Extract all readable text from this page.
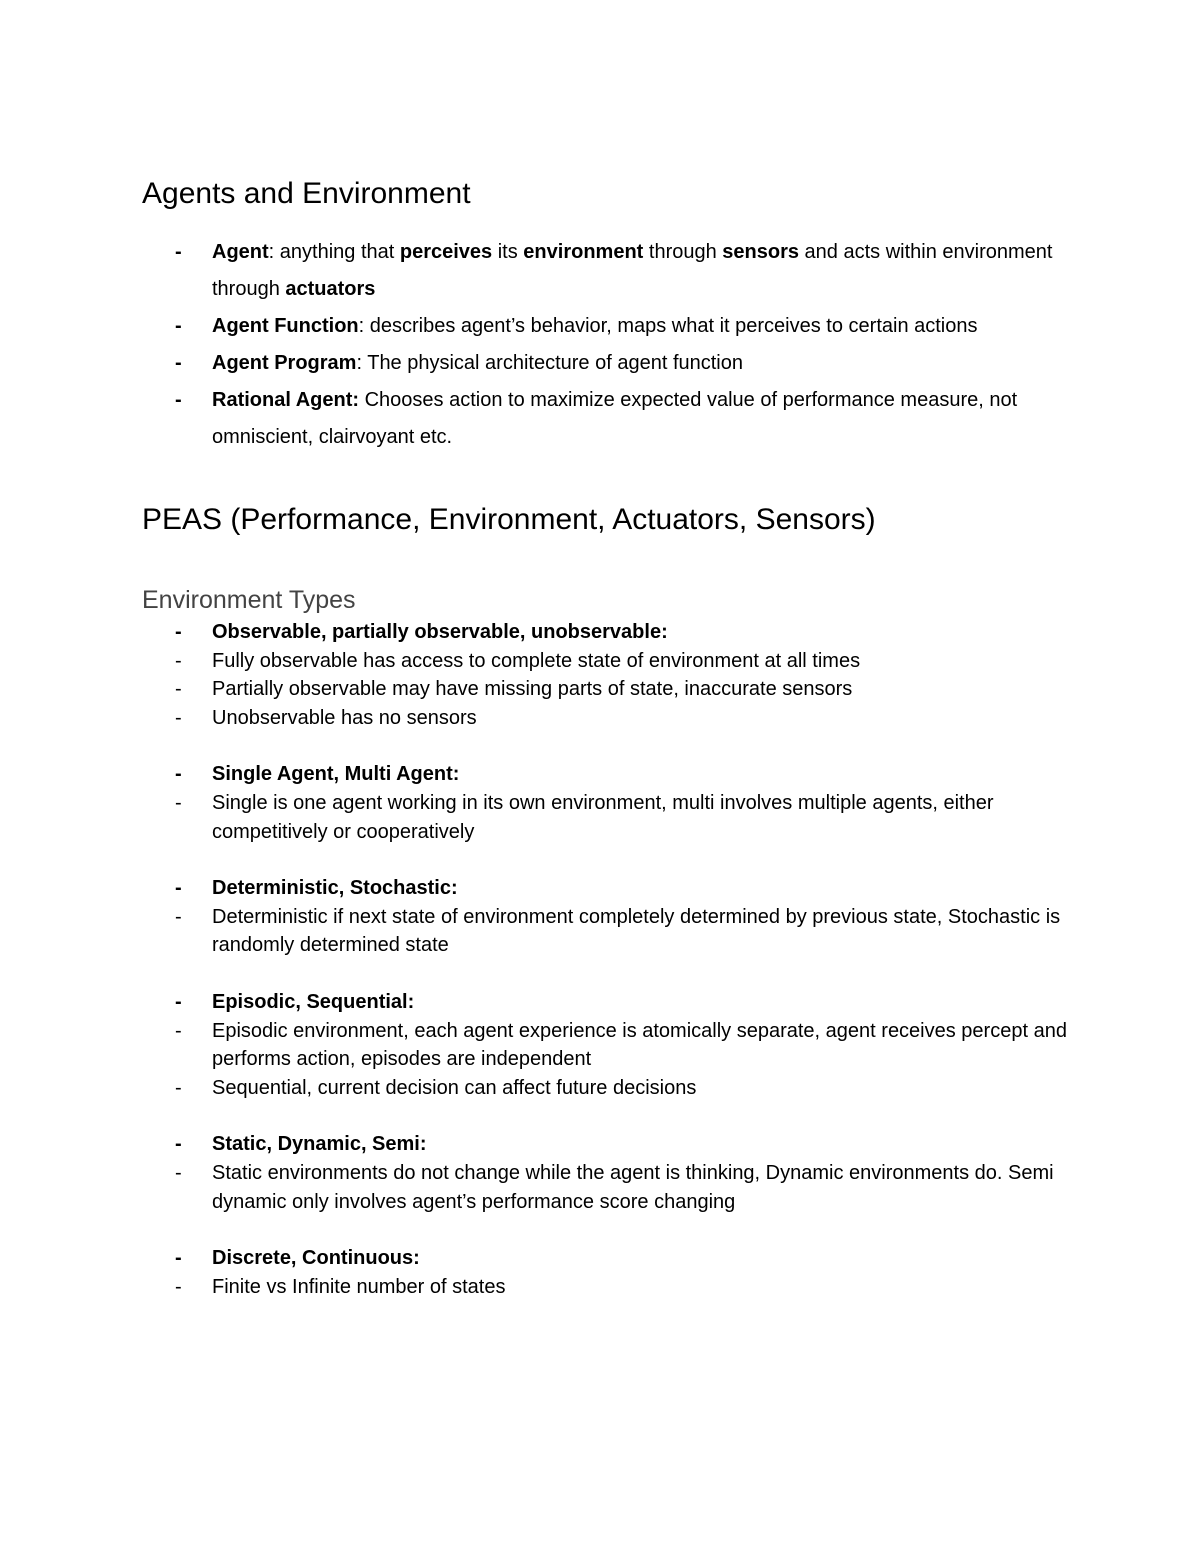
Agents and Environment
- Agent: anything that perceives its environment through sensors and acts within environment through actuators
- Agent Function: describes agent’s behavior, maps what it perceives to certain actions
- Agent Program: The physical architecture of agent function
- Rational Agent: Chooses action to maximize expected value of performance measure, not omniscient, clairvoyant etc.
PEAS (Performance, Environment, Actuators, Sensors)
Environment Types
- Observable, partially observable, unobservable:
- Fully observable has access to complete state of environment at all times
- Partially observable may have missing parts of state, inaccurate sensors
- Unobservable has no sensors
- Single Agent, Multi Agent:
- Single is one agent working in its own environment, multi involves multiple agents, either competitively or cooperatively
- Deterministic, Stochastic:
- Deterministic if next state of environment completely determined by previous state, Stochastic is randomly determined state
- Episodic, Sequential:
- Episodic environment, each agent experience is atomically separate, agent receives percept and performs action, episodes are independent
- Sequential, current decision can affect future decisions
- Static, Dynamic, Semi:
- Static environments do not change while the agent is thinking, Dynamic environments do. Semi dynamic only involves agent’s performance score changing
- Discrete, Continuous:
- Finite vs Infinite number of states
